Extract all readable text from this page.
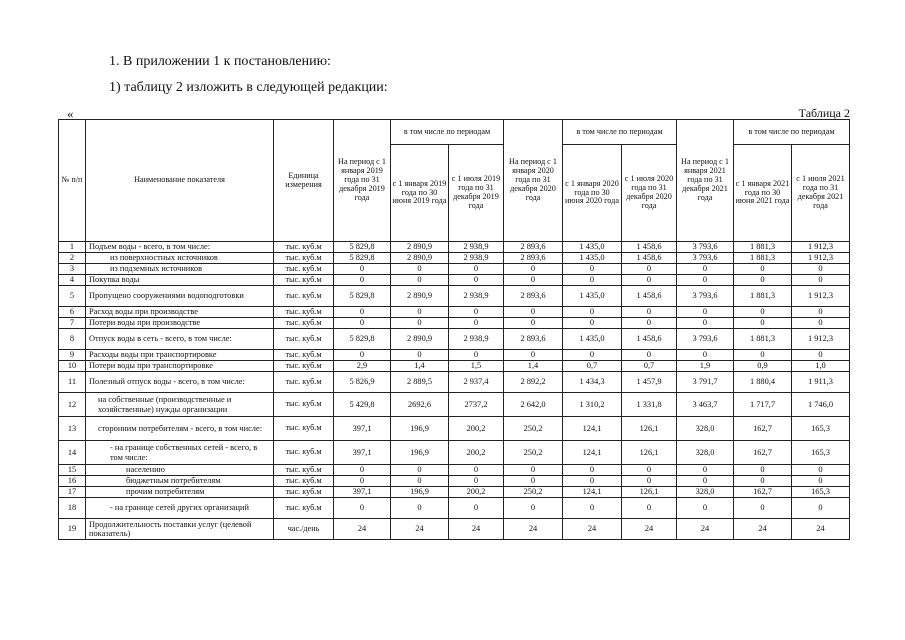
1. В приложении 1 к постановлению:
1) таблицу 2 изложить в следующей редакции:
«	Таблица 2
№ п/п	Наименование показателя	Единица измерения	На период с 1 января 2019 года по 31 декабря 2019 года	в том числе по периодам		На период с 1 января 2020 года по 31 декабря 2020 года	в том числе по периодам		На период с 1 января 2021 года по 31 декабря 2021 года	в том числе по периодам	
				с 1 января 2019 года по 30 июня 2019 года	с 1 июля 2019 года по 31 декабря 2019 года		с 1 января 2020 года по 30 июня 2020 года	с 1 июля 2020 года по 31 декабря 2020 года		с 1 января 2021 года по 30 июня 2021 года	с 1 июля 2021 года по 31 декабря 2021 года
1	Подъем воды - всего, в том числе:	тыс. куб.м	5 829,8	2 890,9	2 938,9	2 893,6	1 435,0	1 458,6	3 793,6	1 881,3	1 912,3
2	из поверхностных источников	тыс. куб.м	5 829,8	2 890,9	2 938,9	2 893,6	1 435,0	1 458,6	3 793,6	1 881,3	1 912,3
3	из подземных источников	тыс. куб.м	0	0	0	0	0	0	0	0	0
4	Покупка воды	тыс. куб.м	0	0	0	0	0	0	0	0	0
5	Пропущено сооружениями водоподготовки	тыс. куб.м	5 829,8	2 890,9	2 938,9	2 893,6	1 435,0	1 458,6	3 793,6	1 881,3	1 912,3
6	Расход воды при производстве	тыс. куб.м	0	0	0	0	0	0	0	0	0
7	Потери воды при производстве	тыс. куб.м	0	0	0	0	0	0	0	0	0
8	Отпуск воды в сеть - всего, в том числе:	тыс. куб.м	5 829,8	2 890,9	2 938,9	2 893,6	1 435,0	1 458,6	3 793,6	1 881,3	1 912,3
9	Расходы воды при транспортировке	тыс. куб.м	0	0	0	0	0	0	0	0	0
10	Потери воды при транспортировке	тыс. куб.м	2,9	1,4	1,5	1,4	0,7	0,7	1,9	0,9	1,0
11	Полезный отпуск воды - всего, в том числе:	тыс. куб.м	5 826,9	2 889,5	2 937,4	2 892,2	1 434,3	1 457,9	3 791,7	1 880,4	1 911,3
12	на собственные (производственные и хозяйственные) нужды организации	тыс. куб.м	5 429,8	2692,6	2737,2	2 642,0	1 310,2	1 331,8	3 463,7	1 717,7	1 746,0
13	сторонним потребителям - всего, в том числе:	тыс. куб.м	397,1	196,9	200,2	250,2	124,1	126,1	328,0	162,7	165,3
14	- на границе собственных сетей - всего, в том числе:	тыс. куб.м	397,1	196,9	200,2	250,2	124,1	126,1	328,0	162,7	165,3
15	населению	тыс. куб.м	0	0	0	0	0	0	0	0	0
16	бюджетным потребителям	тыс. куб.м	0	0	0	0	0	0	0	0	0
17	прочим потребителям	тыс. куб.м	397,1	196,9	200,2	250,2	124,1	126,1	328,0	162,7	165,3
18	- на границе сетей других организаций	тыс. куб.м	0	0	0	0	0	0	0	0	0
19	Продолжительность поставки услуг (целевой показатель)	час./день	24	24	24	24	24	24	24	24	24
